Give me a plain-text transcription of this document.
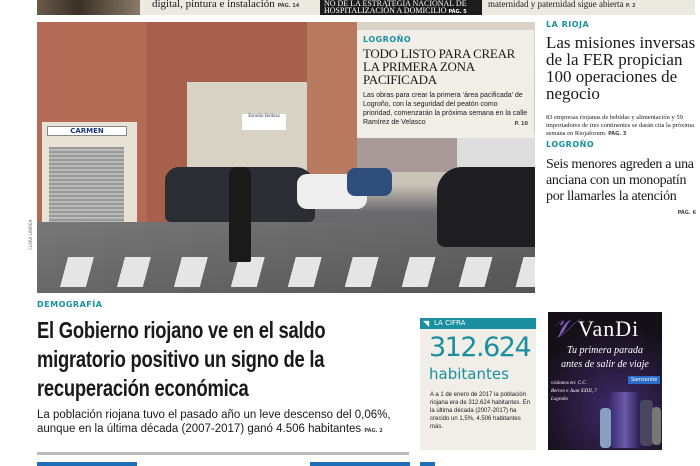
digital, pintura e instalación PÁG. 14	NO DE LA ESTRATEGIA NACIONAL DE
HOSPITALIZACIÓN A DOMICILIO PÁG. 5
maternidad y paternidad sigue abierta P. 2
CARMEN
Estudio Belleza
CLARA LARREA
LOGROÑO
TODO LISTO PARA CREAR LA PRIMERA ZONA PACIFICADA

Las obras para crear la primera ‘área pacificada’ de Logroño, con la seguridad del peatón como prioridad, comenzarán la próxima semana en la calle Ramírez de Velasco	P. 10

LA RIOJA
Las misiones inversas de la FER propician 100 operaciones de negocio

83 empresas riojanas de bebidas y alimentación y 59 importadores de tres continentes se darán cita la próxima semana en Riojaforum. PÁG. 3

LOGROÑO
Seis menores agreden a una anciana con un monopatín por llamarles la atención
PÁG. 6
DEMOGRAFÍA
El Gobierno riojano ve en el saldo migratorio positivo un signo de la recuperación económica
La población riojana tuvo el pasado año un leve descenso del 0,06%, aunque en la última década (2007-2017) ganó 4.506 habitantes PÁG. 2
LA CIFRA
◥
312.624
habitantes
A a 1 de enero de 2017 la población riojana era de 312.624 habitantes. En la última década (2007-2017) ha crecido un 1,5%, 4.506 habitantes más.
𝒱 VanDi
Tu primera parada
antes de salir de viaje
Samsonite
visítanos en: C.C. Berceo e Juan XXIII, 7 Logroño
